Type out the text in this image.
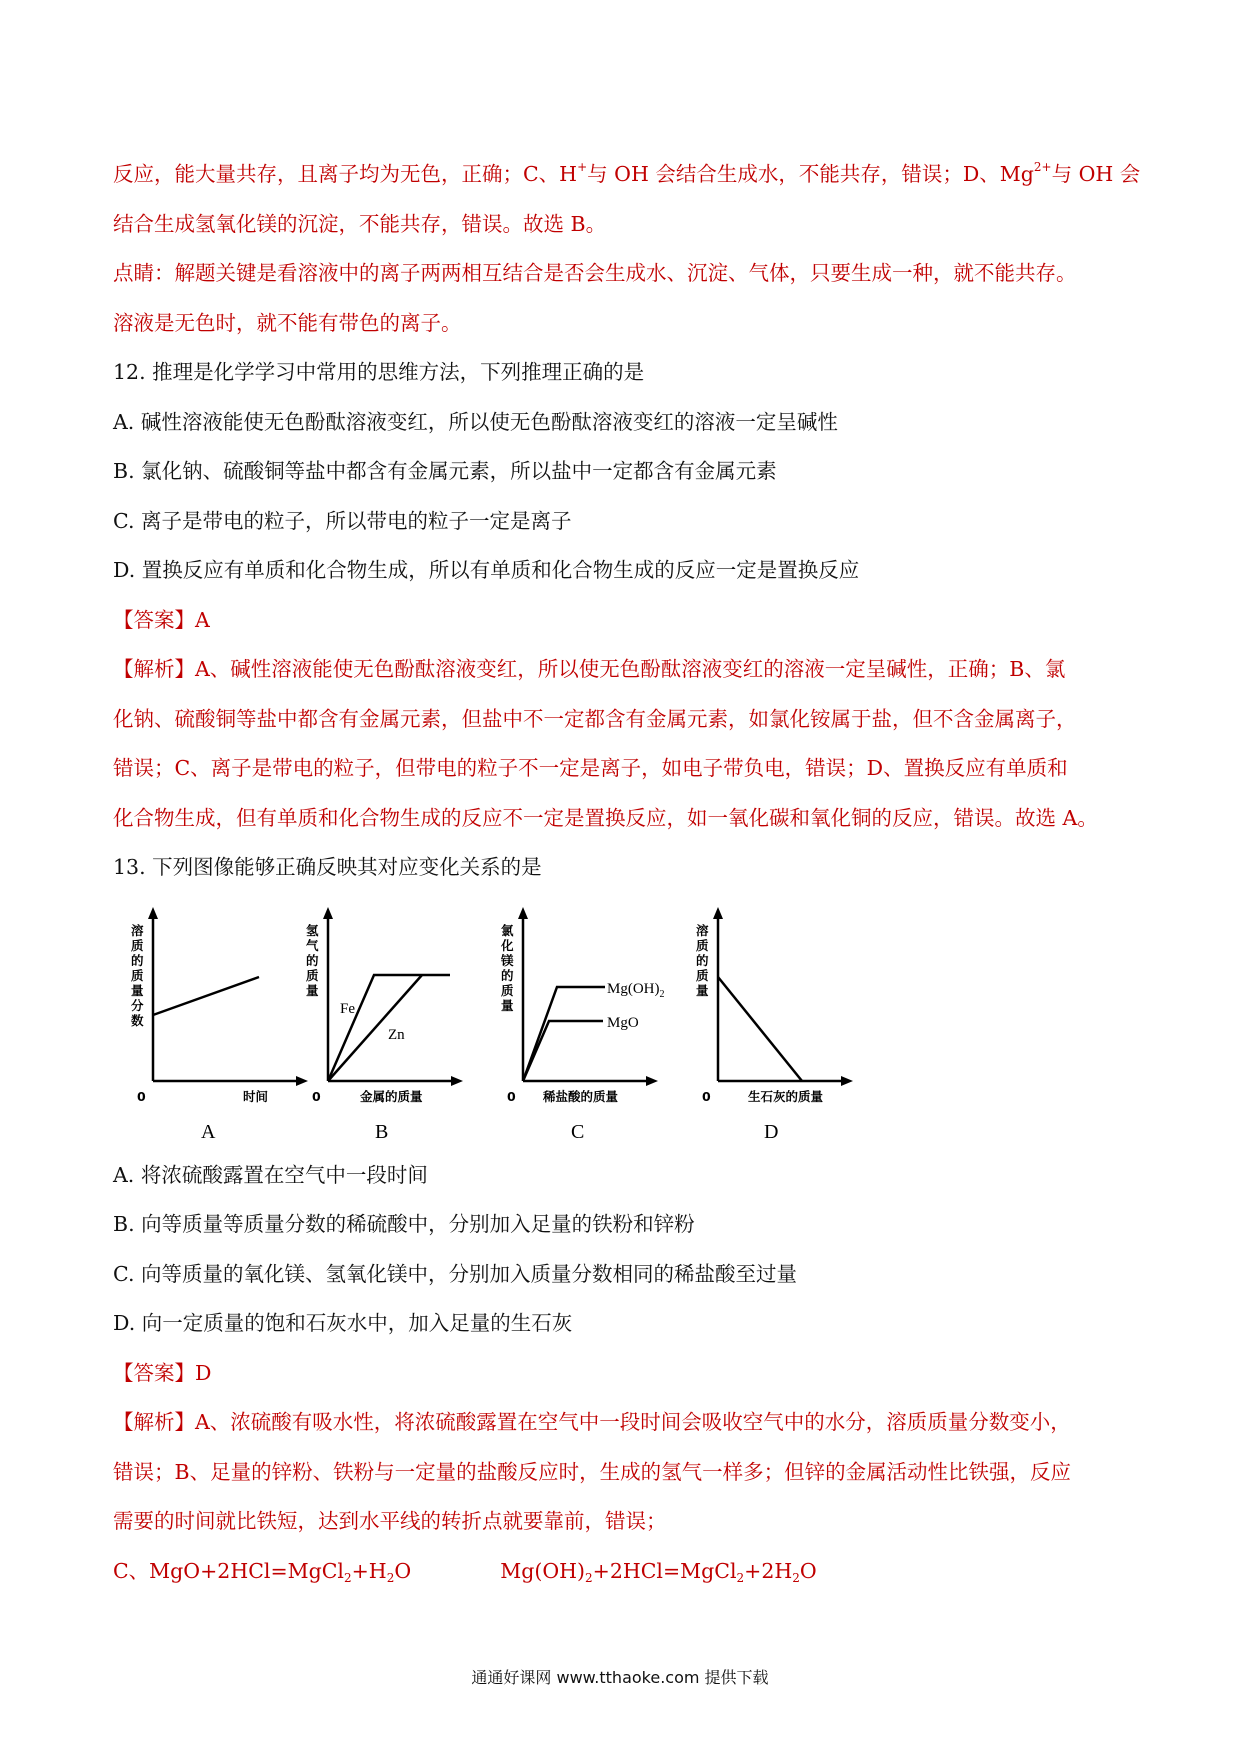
反应，能大量共存，且离子均为无色，正确；C、H+与 OH 会结合生成水，不能共存，错误；D、$Mg^{2+}$与 OH 会
结合生成氢氧化镁的沉淀，不能共存，错误。故选 B。
点睛：解题关键是看溶液中的离子两两相互结合是否会生成水、沉淀、气体，只要生成一种，就不能共存。
溶液是无色时，就不能有带色的离子。
12. 推理是化学学习中常用的思维方法，下列推理正确的是
A. 碱性溶液能使无色酚酞溶液变红，所以使无色酚酞溶液变红的溶液一定呈碱性
B. 氯化钠、硫酸铜等盐中都含有金属元素，所以盐中一定都含有金属元素
C. 离子是带电的粒子，所以带电的粒子一定是离子
D. 置换反应有单质和化合物生成，所以有单质和化合物生成的反应一定是置换反应
【答案】A
【解析】A、碱性溶液能使无色酚酞溶液变红，所以使无色酚酞溶液变红的溶液一定呈碱性，正确；B、氯
化钠、硫酸铜等盐中都含有金属元素，但盐中不一定都含有金属元素，如氯化铵属于盐，但不含金属离子，
错误；C、离子是带电的粒子，但带电的粒子不一定是离子，如电子带负电，错误；D、置换反应有单质和
化合物生成，但有单质和化合物生成的反应不一定是置换反应，如一氧化碳和氧化铜的反应，错误。故选 A。
13. 下列图像能够正确反映其对应变化关系的是
0	时间
溶质的质量分数
A
Fe
Zn
0	金属的质量
氢气的质量
B
$Mg(OH)_2$
MgO
0 稀盐酸的质量
氯化镁的质量
C
0	生石灰的质量
溶质的质量
D
A. 将浓硫酸露置在空气中一段时间
B. 向等质量等质量分数的稀硫酸中，分别加入足量的铁粉和锌粉
C. 向等质量的氧化镁、氢氧化镁中，分别加入质量分数相同的稀盐酸至过量
D. 向一定质量的饱和石灰水中，加入足量的生石灰
【答案】D
【解析】A、浓硫酸有吸水性，将浓硫酸露置在空气中一段时间会吸收空气中的水分，溶质质量分数变小，
错误；B、足量的锌粉、铁粉与一定量的盐酸反应时，生成的氢气一样多；但锌的金属活动性比铁强，反应
需要的时间就比铁短，达到水平线的转折点就要靠前，错误；
C、$MgO+2HCl=MgCl_2+H_2O$	$Mg(OH)_2+2HCl=MgCl_2+2H_2O$
通通好课网 www.tthaoke.com 提供下载
